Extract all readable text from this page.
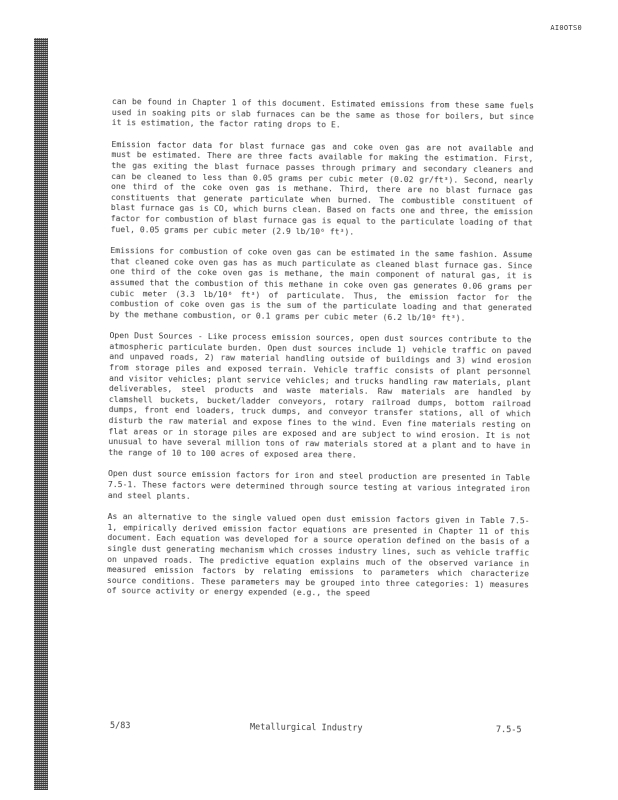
AI0OTS0

can be found in Chapter 1 of this document. Estimated emissions from these same fuels used in soaking pits or slab furnaces can be the same as those for boilers, but since it is estimation, the factor rating drops to E.

Emission factor data for blast furnace gas and coke oven gas are not available and must be estimated. There are three facts available for making the estimation. First, the gas exiting the blast furnace passes through primary and secondary cleaners and can be cleaned to less than 0.05 grams per cubic meter (0.02 gr/ft³). Second, nearly one third of the coke oven gas is methane. Third, there are no blast furnace gas constituents that generate particulate when burned. The combustible constituent of blast furnace gas is CO, which burns clean. Based on facts one and three, the emission factor for combustion of blast furnace gas is equal to the particulate loading of that fuel, 0.05 grams per cubic meter (2.9 lb/10⁶ ft³).

Emissions for combustion of coke oven gas can be estimated in the same fashion. Assume that cleaned coke oven gas has as much particulate as cleaned blast furnace gas. Since one third of the coke oven gas is methane, the main component of natural gas, it is assumed that the combustion of this methane in coke oven gas generates 0.06 grams per cubic meter (3.3 lb/10⁶ ft³) of particulate. Thus, the emission factor for the combustion of coke oven gas is the sum of the particulate loading and that generated by the methane combustion, or 0.1 grams per cubic meter (6.2 lb/10⁶ ft³).

Open Dust Sources - Like process emission sources, open dust sources contribute to the atmospheric particulate burden. Open dust sources include 1) vehicle traffic on paved and unpaved roads, 2) raw material handling outside of buildings and 3) wind erosion from storage piles and exposed terrain. Vehicle traffic consists of plant personnel and visitor vehicles; plant service vehicles; and trucks handling raw materials, plant deliverables, steel products and waste materials. Raw materials are handled by clamshell buckets, bucket/ladder conveyors, rotary railroad dumps, bottom railroad dumps, front end loaders, truck dumps, and conveyor transfer stations, all of which disturb the raw material and expose fines to the wind. Even fine materials resting on flat areas or in storage piles are exposed and are subject to wind erosion. It is not unusual to have several million tons of raw materials stored at a plant and to have in the range of 10 to 100 acres of exposed area there.

Open dust source emission factors for iron and steel production are presented in Table 7.5-1. These factors were determined through source testing at various integrated iron and steel plants.

As an alternative to the single valued open dust emission factors given in Table 7.5-1, empirically derived emission factor equations are presented in Chapter 11 of this document. Each equation was developed for a source operation defined on the basis of a single dust generating mechanism which crosses industry lines, such as vehicle traffic on unpaved roads. The predictive equation explains much of the observed variance in measured emission factors by relating emissions to parameters which characterize source conditions. These parameters may be grouped into three categories: 1) measures of source activity or energy expended (e.g., the speed

5/83	Metallurgical Industry	7.5-5
